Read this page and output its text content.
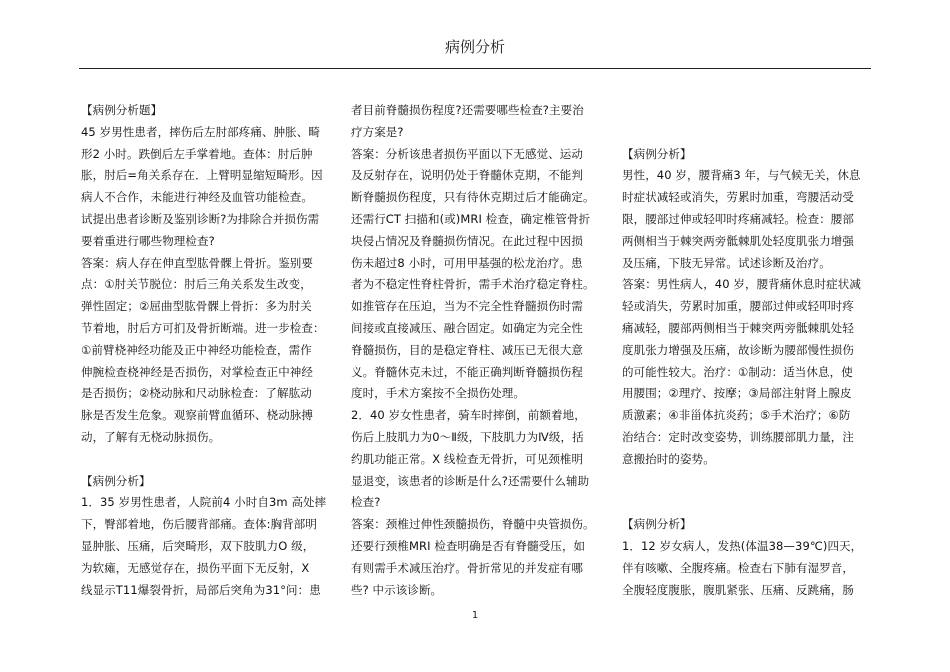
病例分析
【病例分析题】
45 岁男性患者，摔伤后左肘部疼痛、肿胀、畸
形2 小时。跌倒后左手掌着地。查体：肘后肿
胀，肘后=角关系存在．上臂明显缩短畸形。因
病人不合作，未能进行神经及血管功能检查。
试提出患者诊断及鉴别诊断?为排除合并损伤需
要着重进行哪些物理检查?
答案：病人存在伸直型肱骨髁上骨折。鉴别要
点：①肘关节脱位：肘后三角关系发生改变，
弹性固定；②屈曲型肱骨髁上骨折：多为肘关
节着地，肘后方可扪及骨折断端。进一步检查：
①前臂桡神经功能及正中神经功能检查，需作
伸腕检查桡神经是否损伤，对掌检查正中神经
是否损伤；②桡动脉和尺动脉检查：了解肱动
脉是否发生危象。观察前臂血循环、桡动脉搏
动，了解有无桡动脉损伤。
【病例分析】
1．35 岁男性患者，人院前4 小时自3m 高处摔
下，臀部着地，伤后腰背部痛。查体:胸背部明
显肿胀、压痛，后突畸形，双下肢肌力O 级，
为软瘫，无感觉存在，损伤平面下无反射，X
线显示T11爆裂骨折，局部后突角为31°问：患
者目前脊髓损伤程度?还需要哪些检查?主要治
疗方案是?
答案：分析该患者损伤平面以下无感觉、运动
及反射存在，说明仍处于脊髓休克期，不能判
断脊髓损伤程度，只有待休克期过后才能确定。
还需行CT 扫描和(或)MRI 检查，确定椎管骨折
块侵占情况及脊髓损伤情况。在此过程中因损
伤未超过8 小时，可用甲基强的松龙治疗。患
者为不稳定性脊柱骨折，需手术治疗稳定脊柱。
如推管存在压迫，当为不完全性脊髓损伤时需
间接或直接减压、融合固定。如确定为完全性
脊髓损伤，目的是稳定脊柱、减压已无很大意
义。脊髓休克未过，不能正确判断脊髓损伤程
度时，手术方案按不全损伤处理。
2．40 岁女性患者，骑车时摔倒，前额着地，
伤后上肢肌力为0～Ⅱ级，下肢肌力为Ⅳ级，括
约肌功能正常。X 线检查无骨折，可见颈椎明
显退变，该患者的诊断是什么?还需要什么辅助
检查?
答案：颈椎过伸性颈髓损伤，脊髓中央管损伤。
还要行颈椎MRI 检查明确是否有脊髓受压，如
有则需手术减压治疗。骨折常见的并发症有哪
些? 中示该诊断。
【病例分析】
男性，40 岁，腰背痛3 年，与气候无关，休息
时症状减轻或消失，劳累时加重，弯腰活动受
限，腰部过伸或轻叩时疼痛减轻。检查：腰部
两侧相当于棘突两旁骶棘肌处轻度肌张力增强
及压痛，下肢无异常。试述诊断及治疗。
答案：男性病人，40 岁，腰背痛休息时症状减
轻或消失，劳累时加重，腰部过伸或轻叩时疼
痛减轻，腰部两侧相当于棘突两旁骶棘肌处轻
度肌张力增强及压痛，故诊断为腰部慢性损伤
的可能性较大。治疗：①制动：适当休息，使
用腰围；②理疗、按摩；③局部注射肾上腺皮
质激素；④非甾体抗炎药；⑤手术治疗；⑥防
治结合：定时改变姿势，训练腰部肌力量，注
意搬抬时的姿势。
【病例分析】
1．12 岁女病人，发热(体温38—39℃)四天，
伴有咳嗽、全腹疼痛。检查右下肺有湿罗音，
全腹轻度腹胀，腹肌紧张、压痛、反跳痛，肠
1
